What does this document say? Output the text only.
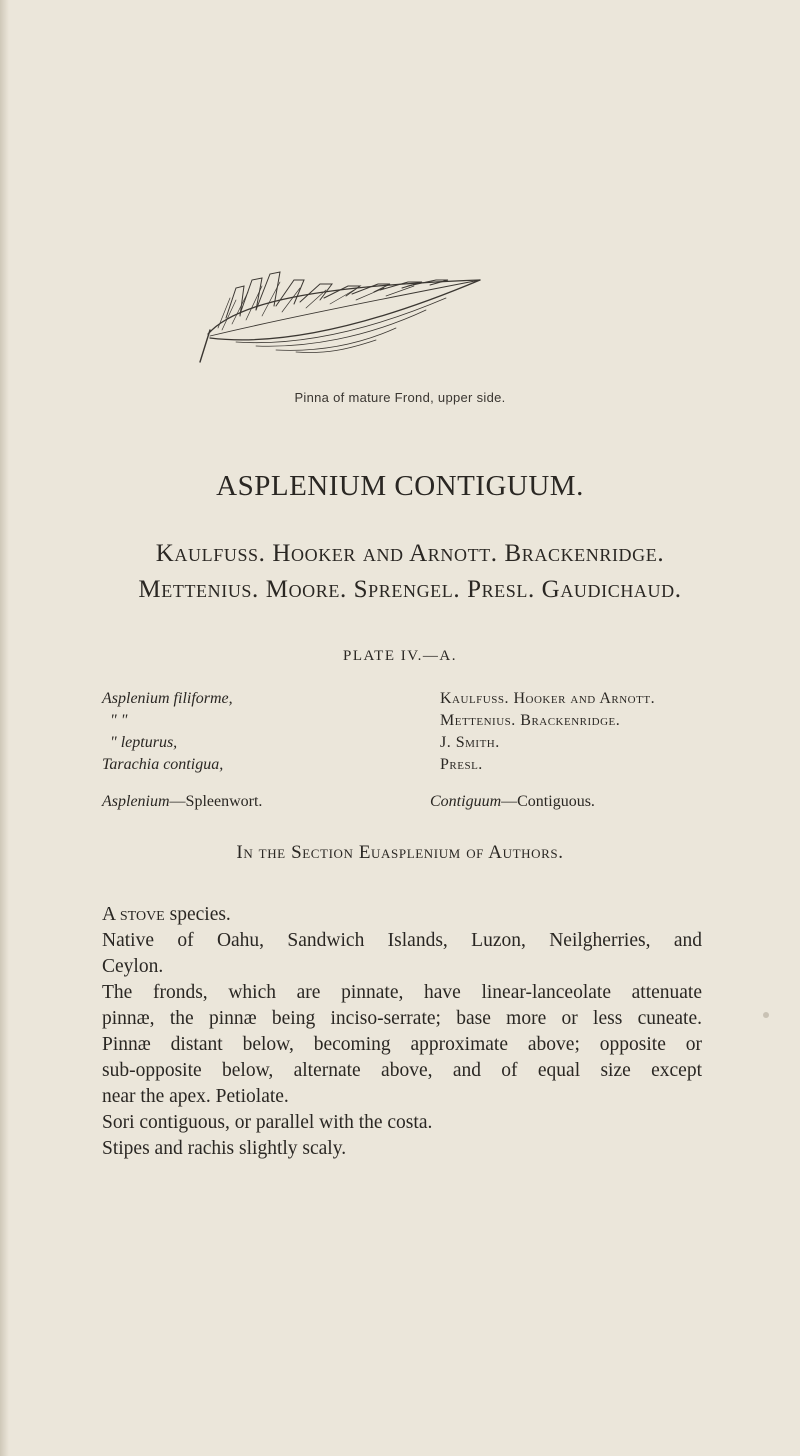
Pinna of mature Frond, upper side.
ASPLENIUM CONTIGUUM.
Kaulfuss. Hooker and Arnott. Brackenridge.
Mettenius. Moore. Sprengel. Presl. Gaudichaud.
PLATE IV.—A.
Asplenium filiforme,
" "
" lepturus,
Tarachia contigua,
Kaulfuss. Hooker and Arnott.
Mettenius. Brackenridge.
J. Smith.
Presl.
Asplenium—Spleenwort.	Contiguum—Contiguous.
In the Section Euasplenium of Authors.

A stove species.

Native of Oahu, Sandwich Islands, Luzon, Neilgherries, and
Ceylon.

The fronds, which are pinnate, have linear-lanceolate attenuate
pinnæ, the pinnæ being inciso-serrate; base more or less cuneate.
Pinnæ distant below, becoming approximate above; opposite or
sub-opposite below, alternate above, and of equal size except
near the apex. Petiolate.

Sori contiguous, or parallel with the costa.

Stipes and rachis slightly scaly.
